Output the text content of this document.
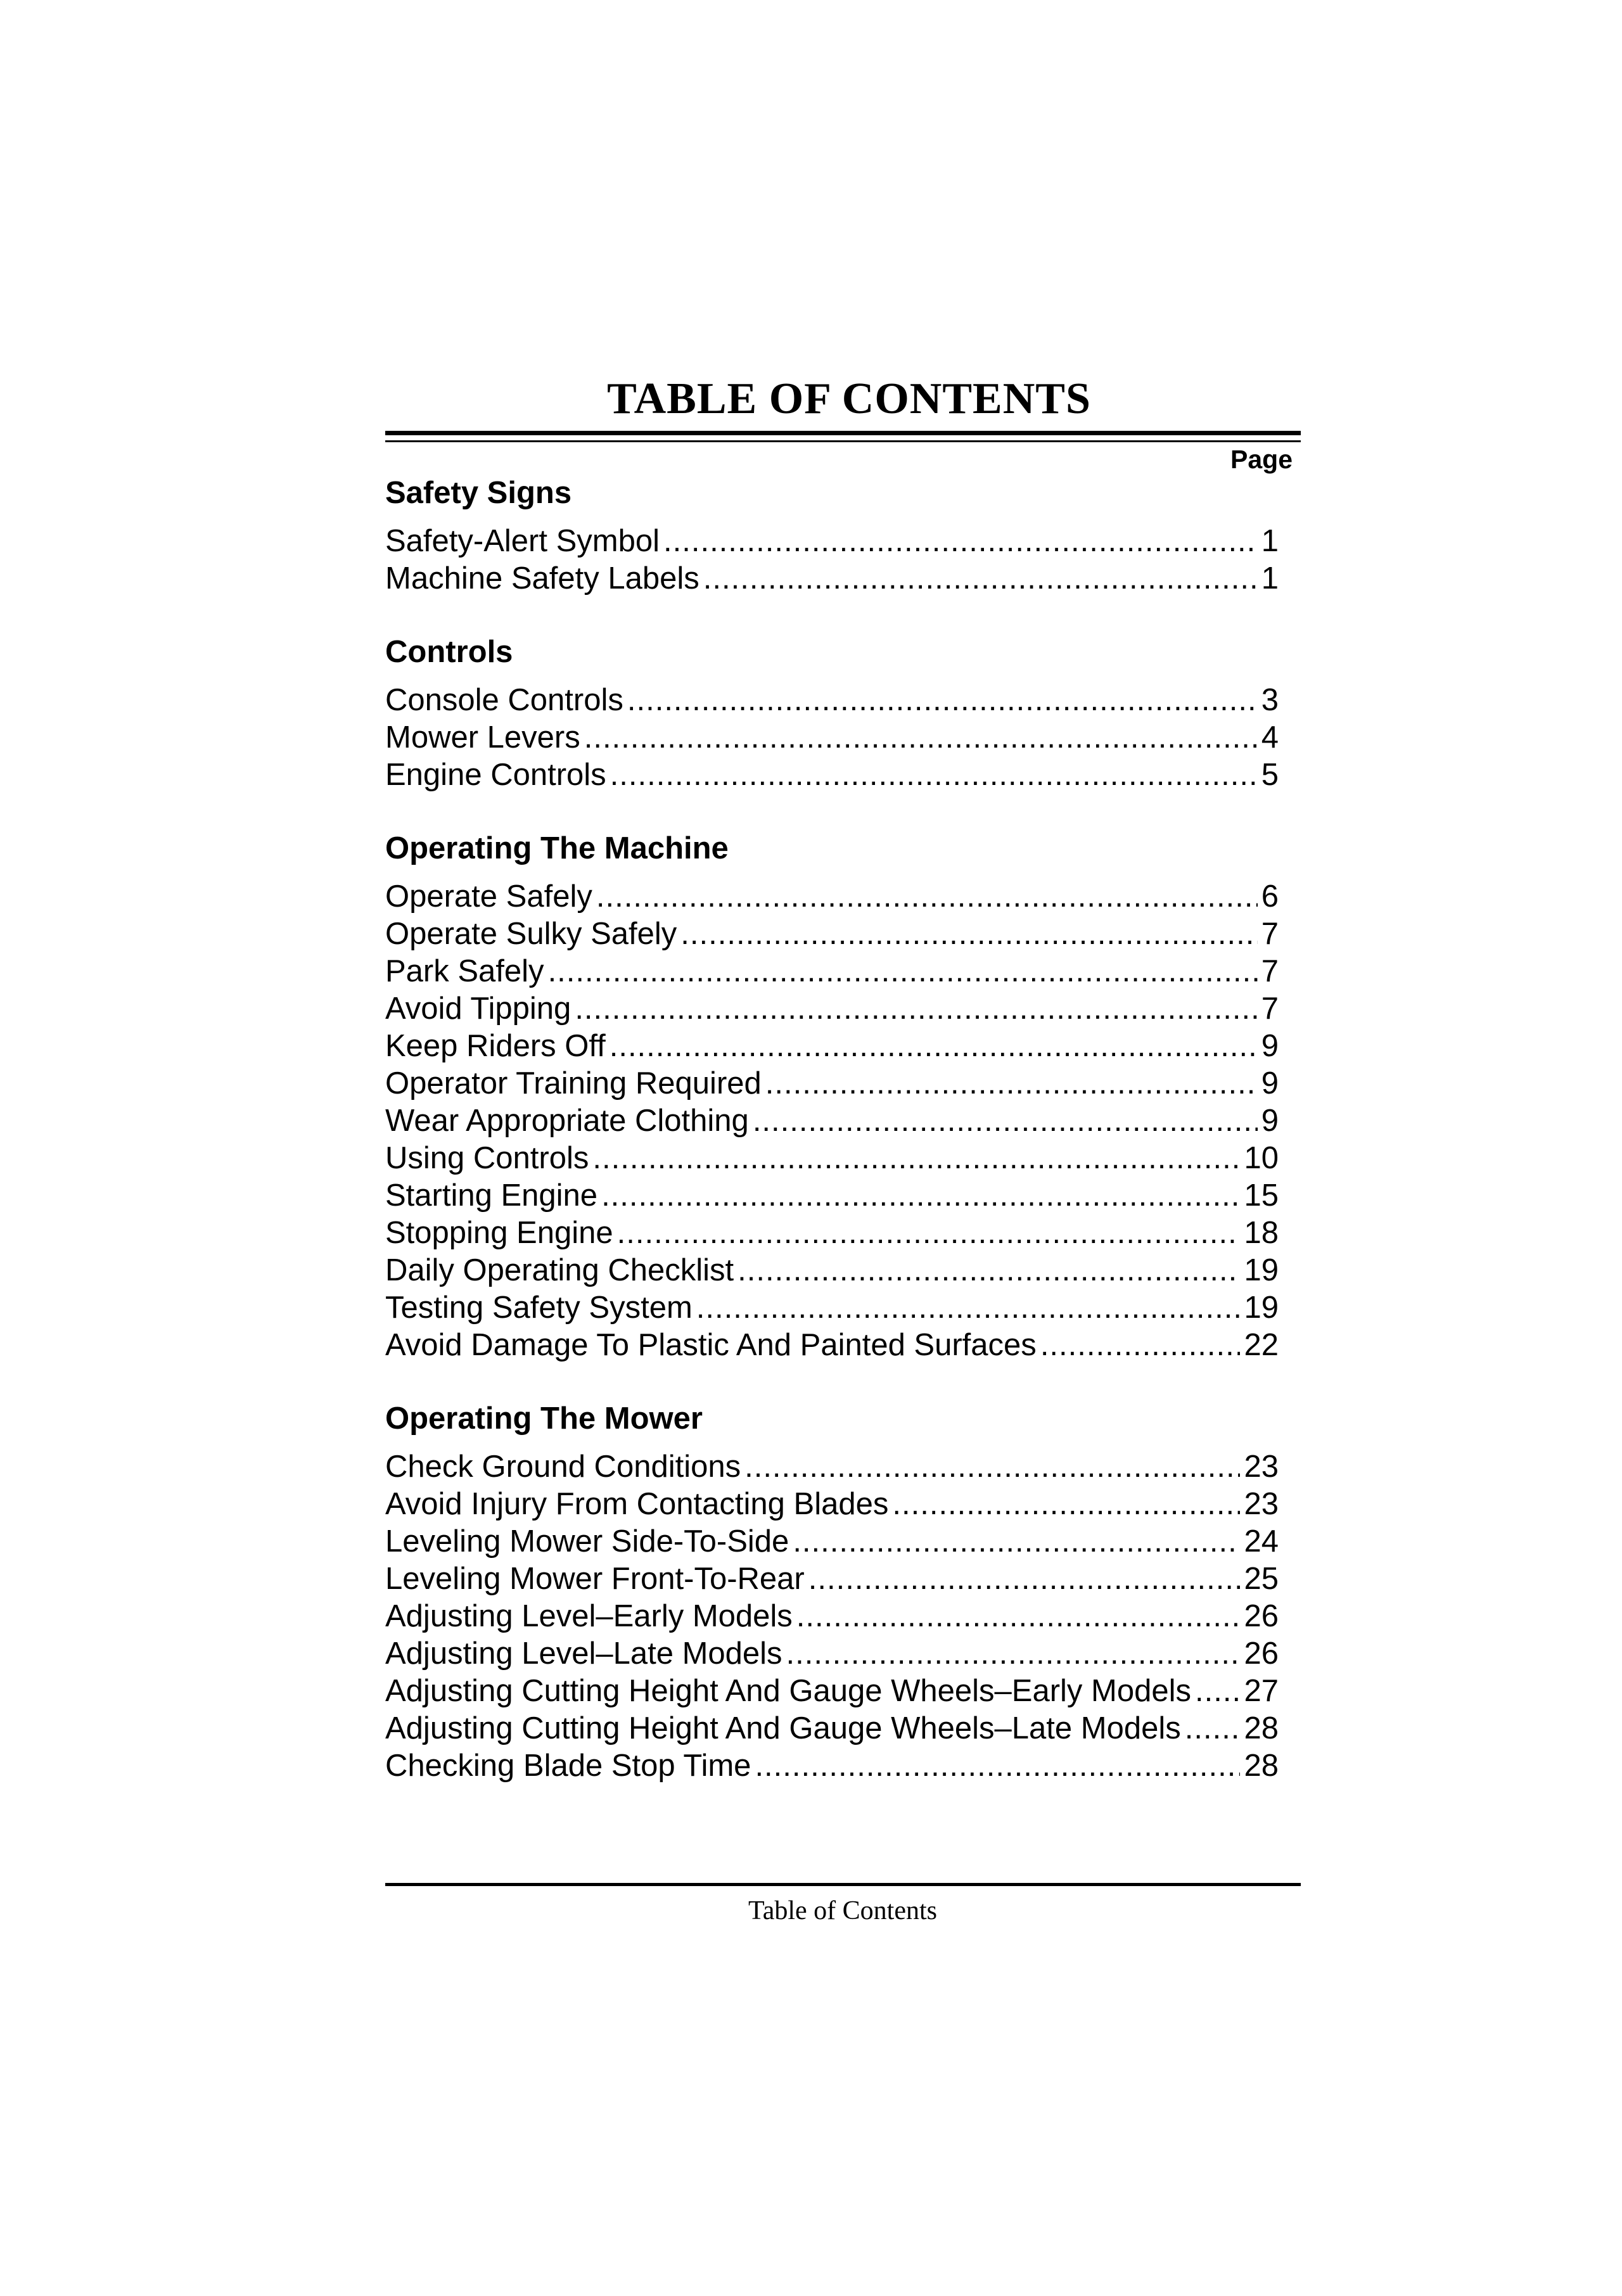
TABLE OF CONTENTS
Page
Safety Signs
Safety-Alert Symbol .....	1
Machine Safety Labels .....	1
Controls
Console Controls .....	3
Mower Levers .....	4
Engine Controls .....	5
Operating The Machine
Operate Safely .....	6
Operate Sulky Safely .....	7
Park Safely .....	7
Avoid Tipping .....	7
Keep Riders Off .....	9
Operator Training Required .....	9
Wear Appropriate Clothing .....	9
Using Controls .....	10
Starting Engine .....	15
Stopping Engine .....	18
Daily Operating Checklist .....	19
Testing Safety System .....	19
Avoid Damage To Plastic And Painted Surfaces .....	22
Operating The Mower
Check Ground Conditions .....	23
Avoid Injury From Contacting Blades .....	23
Leveling Mower Side-To-Side .....	24
Leveling Mower Front-To-Rear .....	25
Adjusting Level–Early Models .....	26
Adjusting Level–Late Models .....	26
Adjusting Cutting Height And Gauge Wheels–Early Models ..... 27
Adjusting Cutting Height And Gauge Wheels–Late Models ..... 28
Checking Blade Stop Time .....	28
Table of Contents
